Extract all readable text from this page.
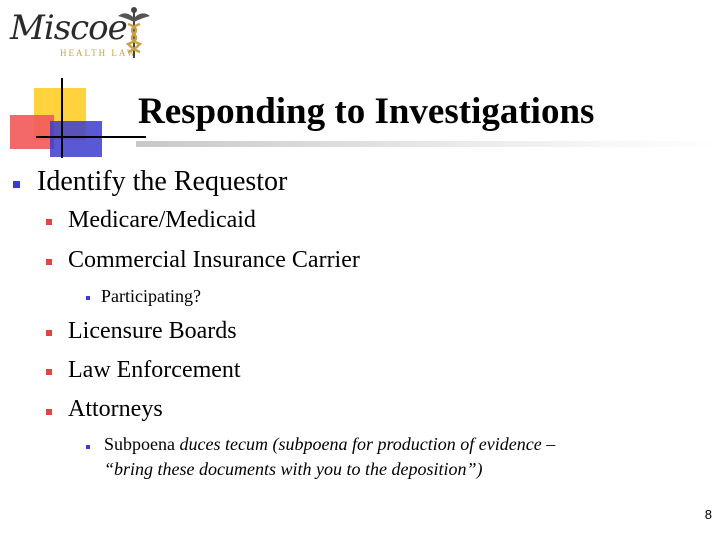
Miscoe
HEALTH LAW
Responding to Investigations
Identify the Requestor
Medicare/Medicaid
Commercial Insurance Carrier
Participating?
Licensure Boards
Law Enforcement
Attorneys
Subpoena duces tecum (subpoena for production of evidence –
“bring these documents with you to the deposition”)
8
